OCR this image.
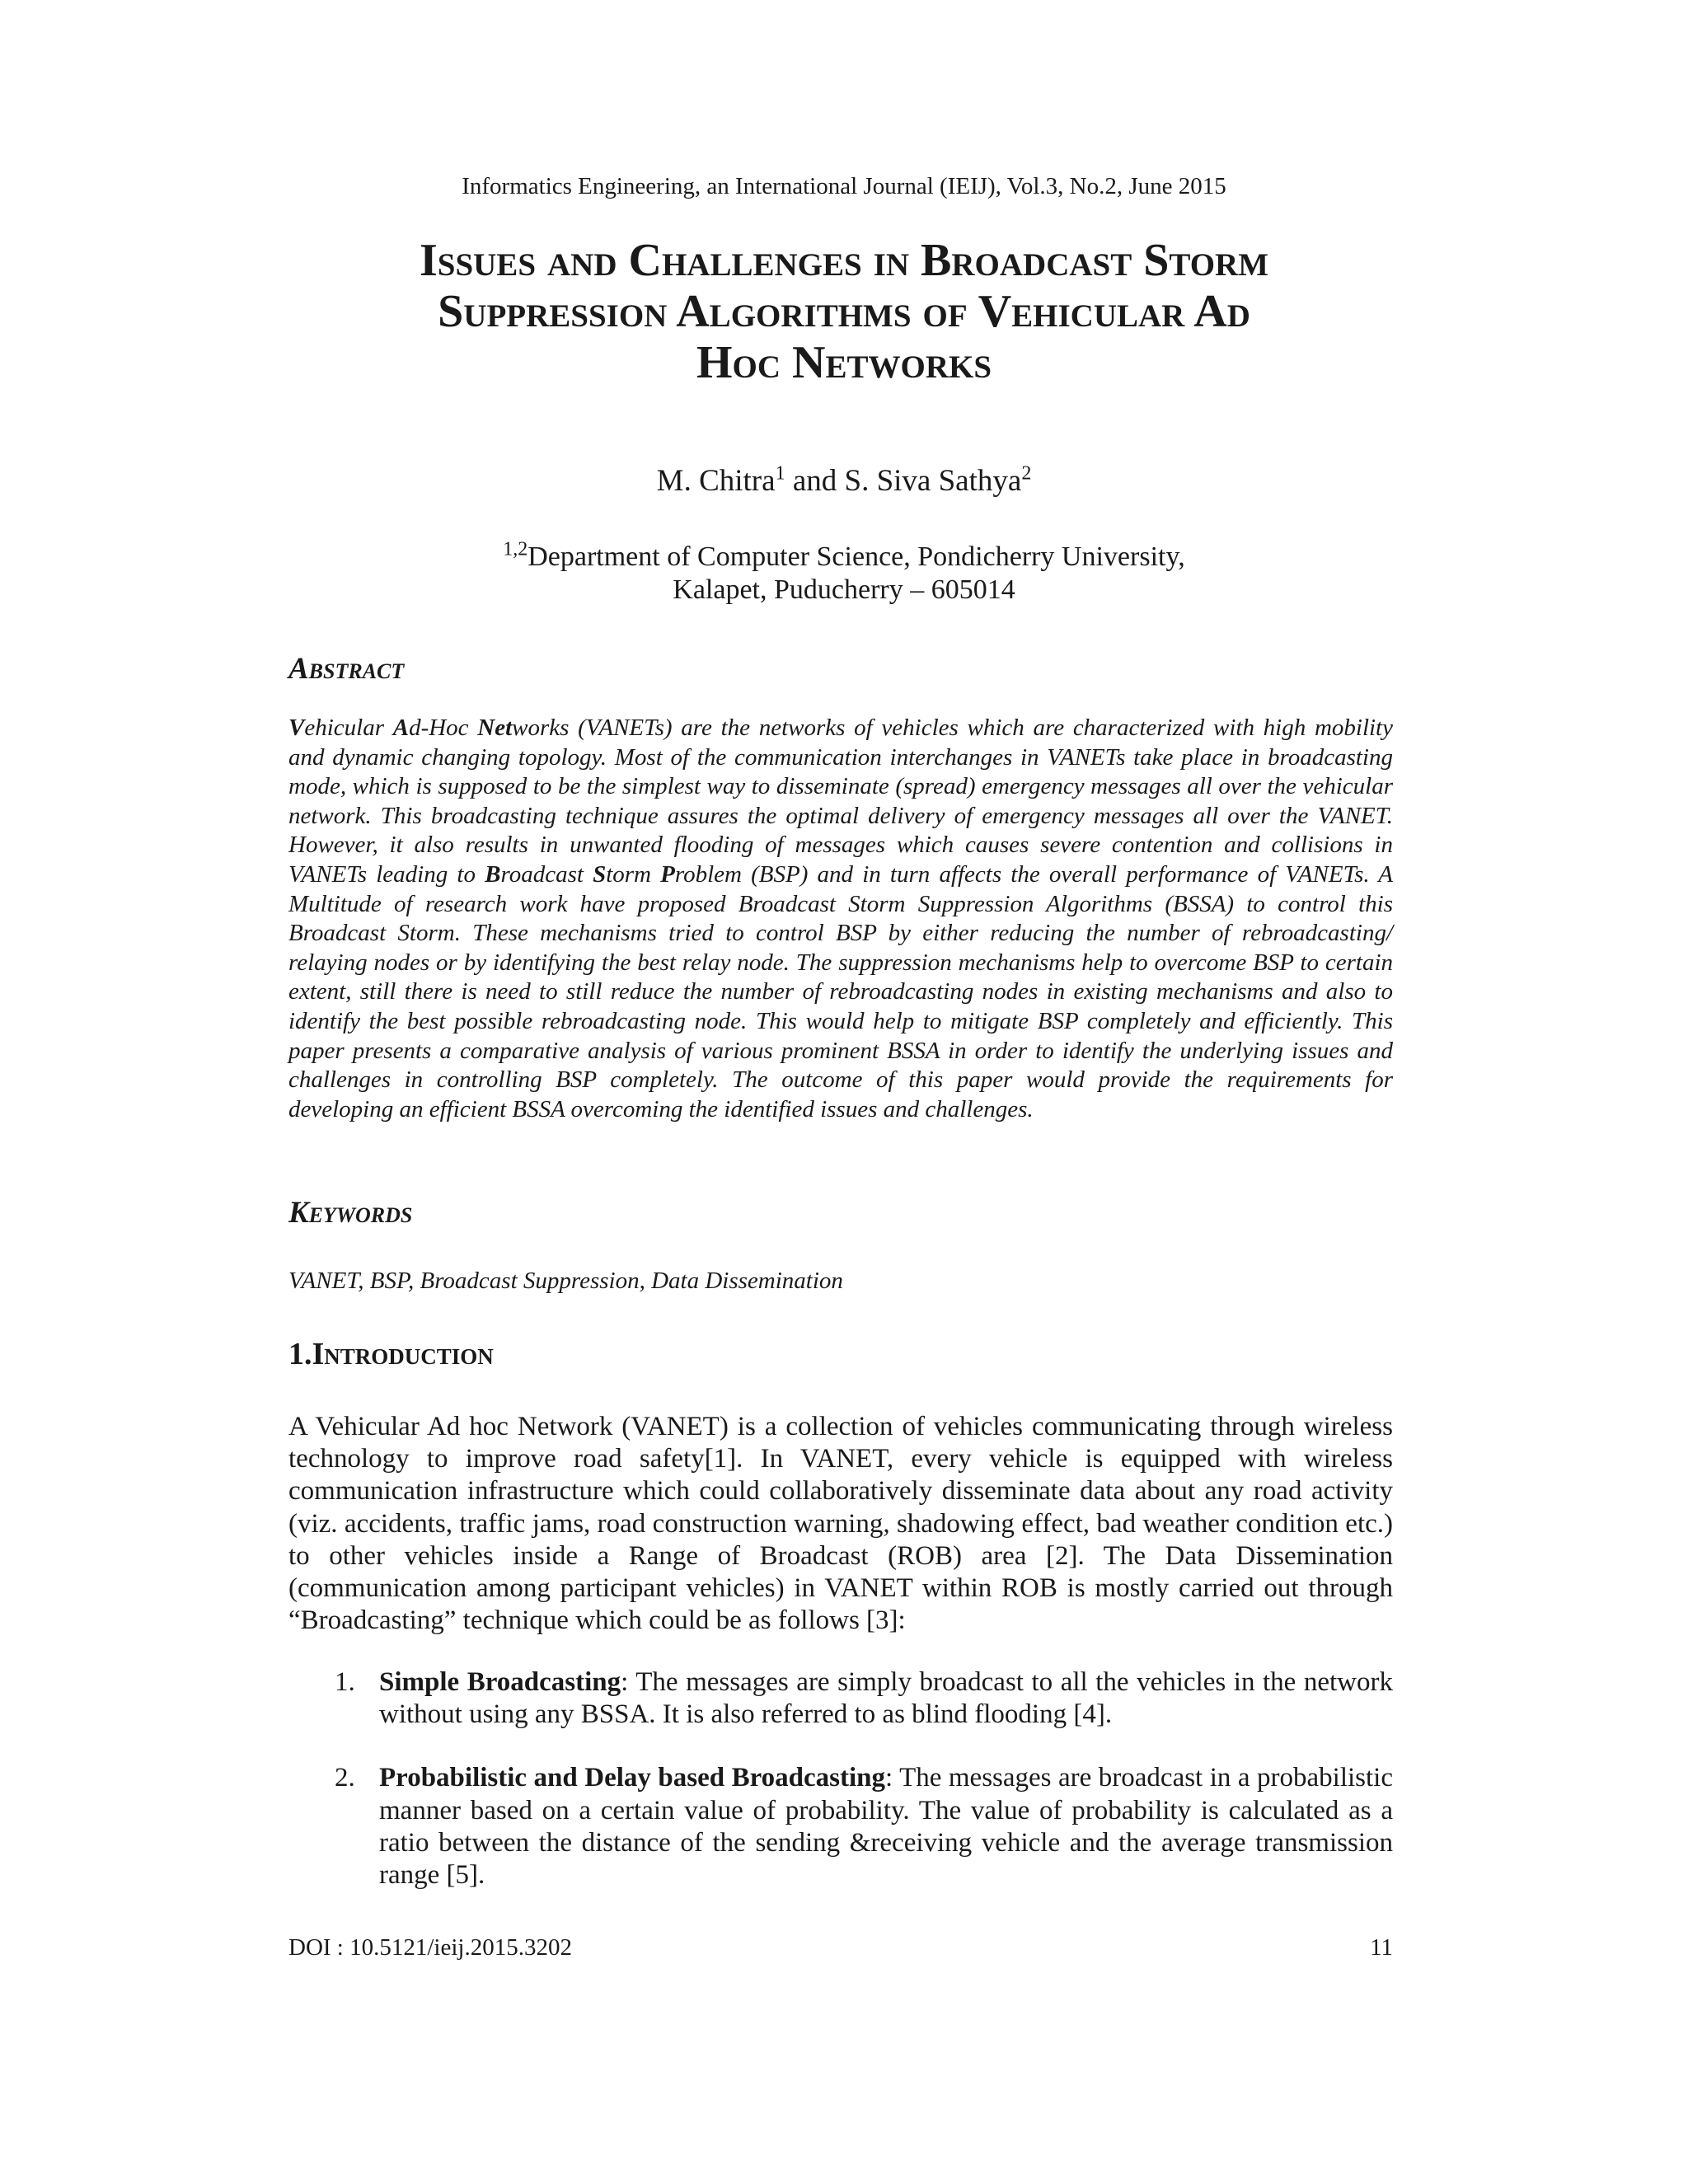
Informatics Engineering, an International Journal (IEIJ), Vol.3, No.2, June 2015
Issues and Challenges in Broadcast Storm
Suppression Algorithms of Vehicular Ad
Hoc Networks
M. Chitra$^1$ and S. Siva Sathya$^2$
$^{1,2}$Department of Computer Science, Pondicherry University,
Kalapet, Puducherry – 605014
Abstract
Vehicular Ad-Hoc Networks (VANETs) are the networks of vehicles which are characterized with high mobility and dynamic changing topology. Most of the communication interchanges in VANETs take place in broadcasting mode, which is supposed to be the simplest way to disseminate (spread) emergency messages all over the vehicular network. This broadcasting technique assures the optimal delivery of emergency messages all over the VANET. However, it also results in unwanted flooding of messages which causes severe contention and collisions in VANETs leading to Broadcast Storm Problem (BSP) and in turn affects the overall performance of VANETs. A Multitude of research work have proposed Broadcast Storm Suppression Algorithms (BSSA) to control this Broadcast Storm. These mechanisms tried to control BSP by either reducing the number of rebroadcasting/ relaying nodes or by identifying the best relay node. The suppression mechanisms help to overcome BSP to certain extent, still there is need to still reduce the number of rebroadcasting nodes in existing mechanisms and also to identify the best possible rebroadcasting node. This would help to mitigate BSP completely and efficiently. This paper presents a comparative analysis of various prominent BSSA in order to identify the underlying issues and challenges in controlling BSP completely. The outcome of this paper would provide the requirements for developing an efficient BSSA overcoming the identified issues and challenges.
Keywords
VANET, BSP, Broadcast Suppression, Data Dissemination
1.Introduction
A Vehicular Ad hoc Network (VANET) is a collection of vehicles communicating through wireless technology to improve road safety[1]. In VANET, every vehicle is equipped with wireless communication infrastructure which could collaboratively disseminate data about any road activity (viz. accidents, traffic jams, road construction warning, shadowing effect, bad weather condition etc.) to other vehicles inside a Range of Broadcast (ROB) area [2]. The Data Dissemination (communication among participant vehicles) in VANET within ROB is mostly carried out through “Broadcasting” technique which could be as follows [3]:
1. Simple Broadcasting: The messages are simply broadcast to all the vehicles in the network without using any BSSA. It is also referred to as blind flooding [4].
2. Probabilistic and Delay based Broadcasting: The messages are broadcast in a probabilistic manner based on a certain value of probability. The value of probability is calculated as a ratio between the distance of the sending &receiving vehicle and the average transmission range [5].
DOI : 10.5121/ieij.2015.3202	11
